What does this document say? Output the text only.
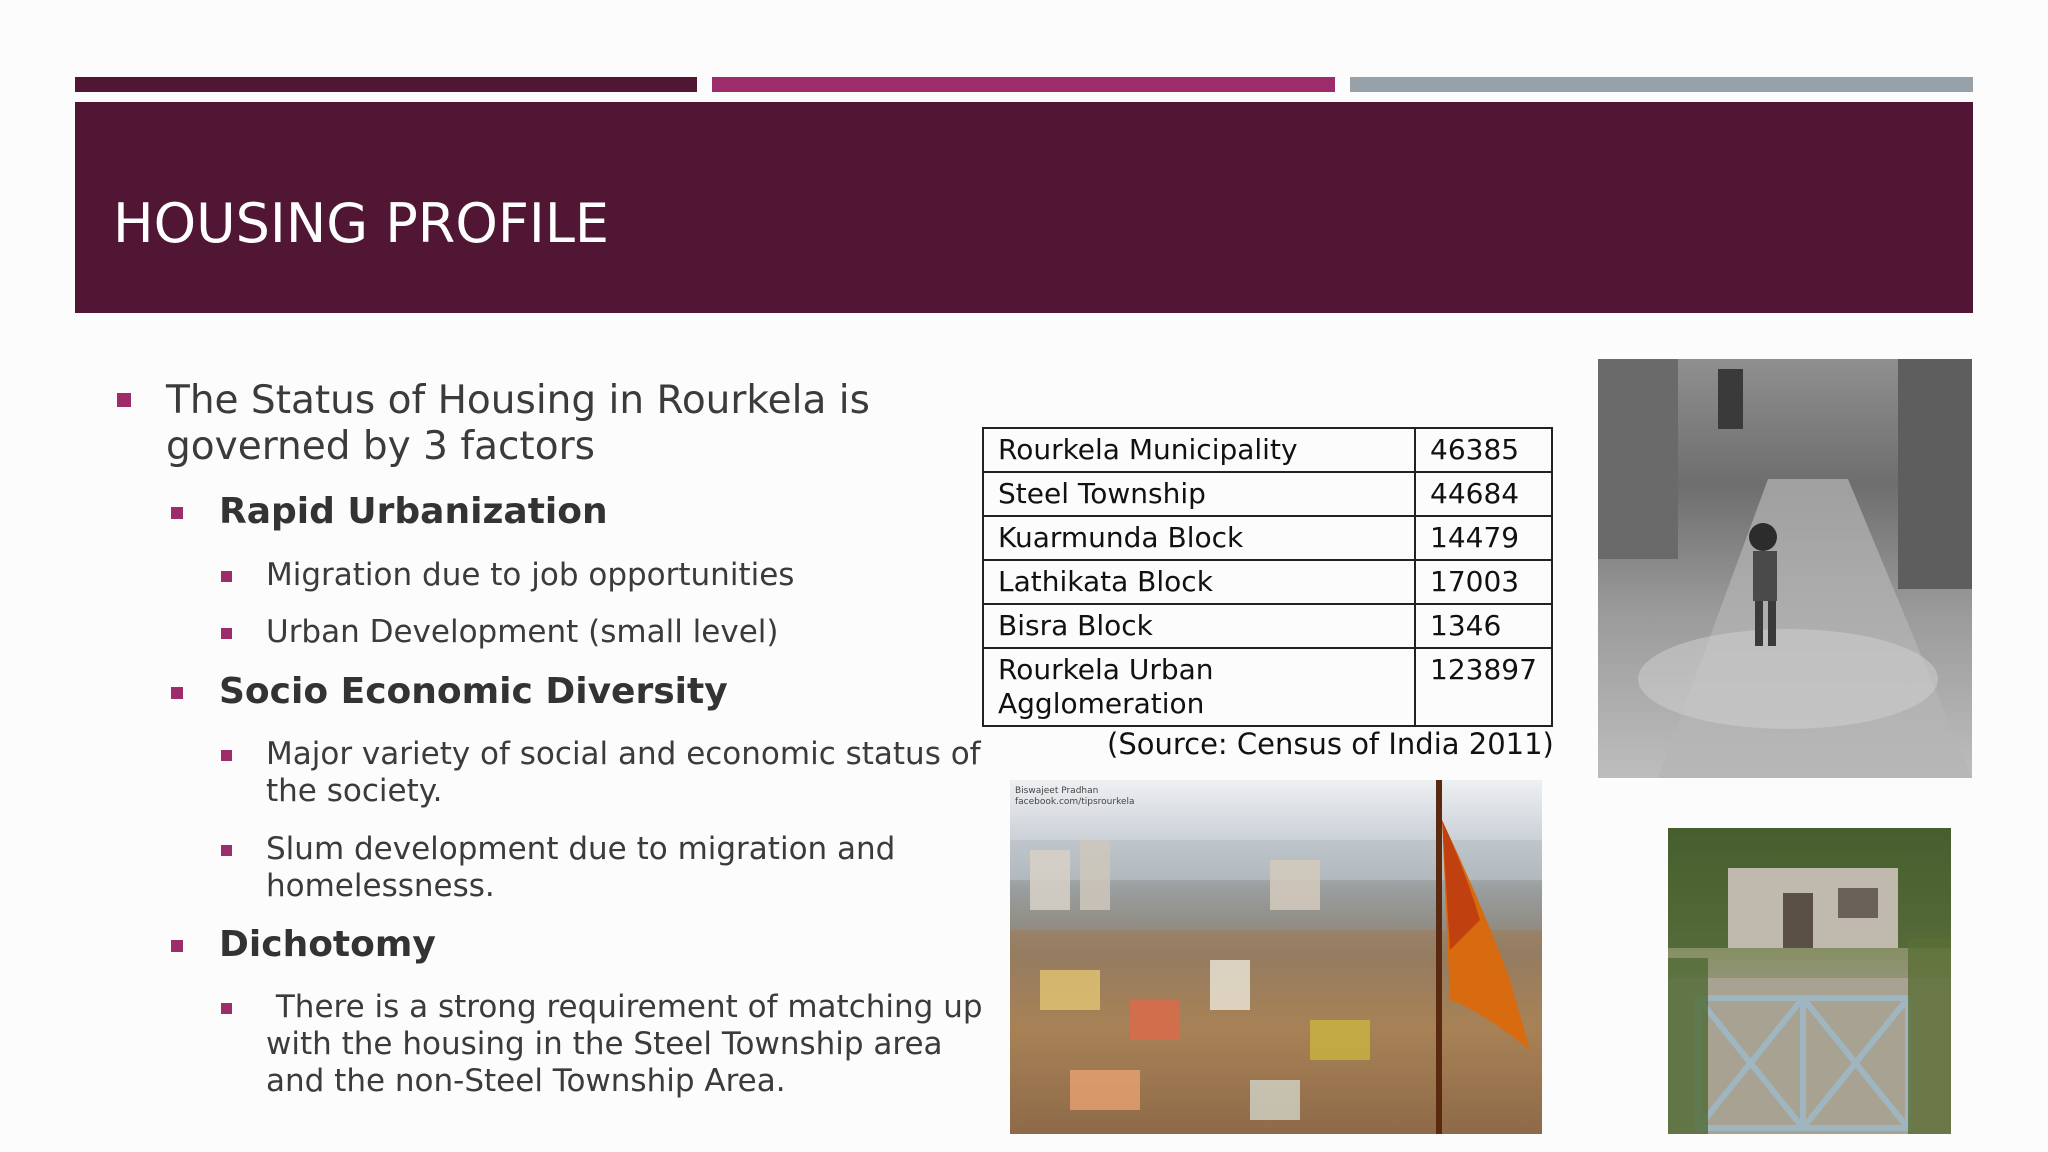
HOUSING PROFILE
The Status of Housing in Rourkela is governed by 3 factors
Rapid Urbanization
Migration due to job opportunities
Urban Development (small level)
Socio Economic Diversity
Major variety of social and economic status of the society.
Slum development due to migration and homelessness.
Dichotomy
There is a strong requirement of matching up with the housing in the Steel Township area and the non-Steel Township Area.
Rourkela Municipality	46385
Steel Township	44684
Kuarmunda Block	14479
Lathikata Block	17003
Bisra Block	1346
Rourkela Urban Agglomeration	123897
(Source: Census of India 2011)
Biswajeet Pradhan
facebook.com/tipsrourkela
